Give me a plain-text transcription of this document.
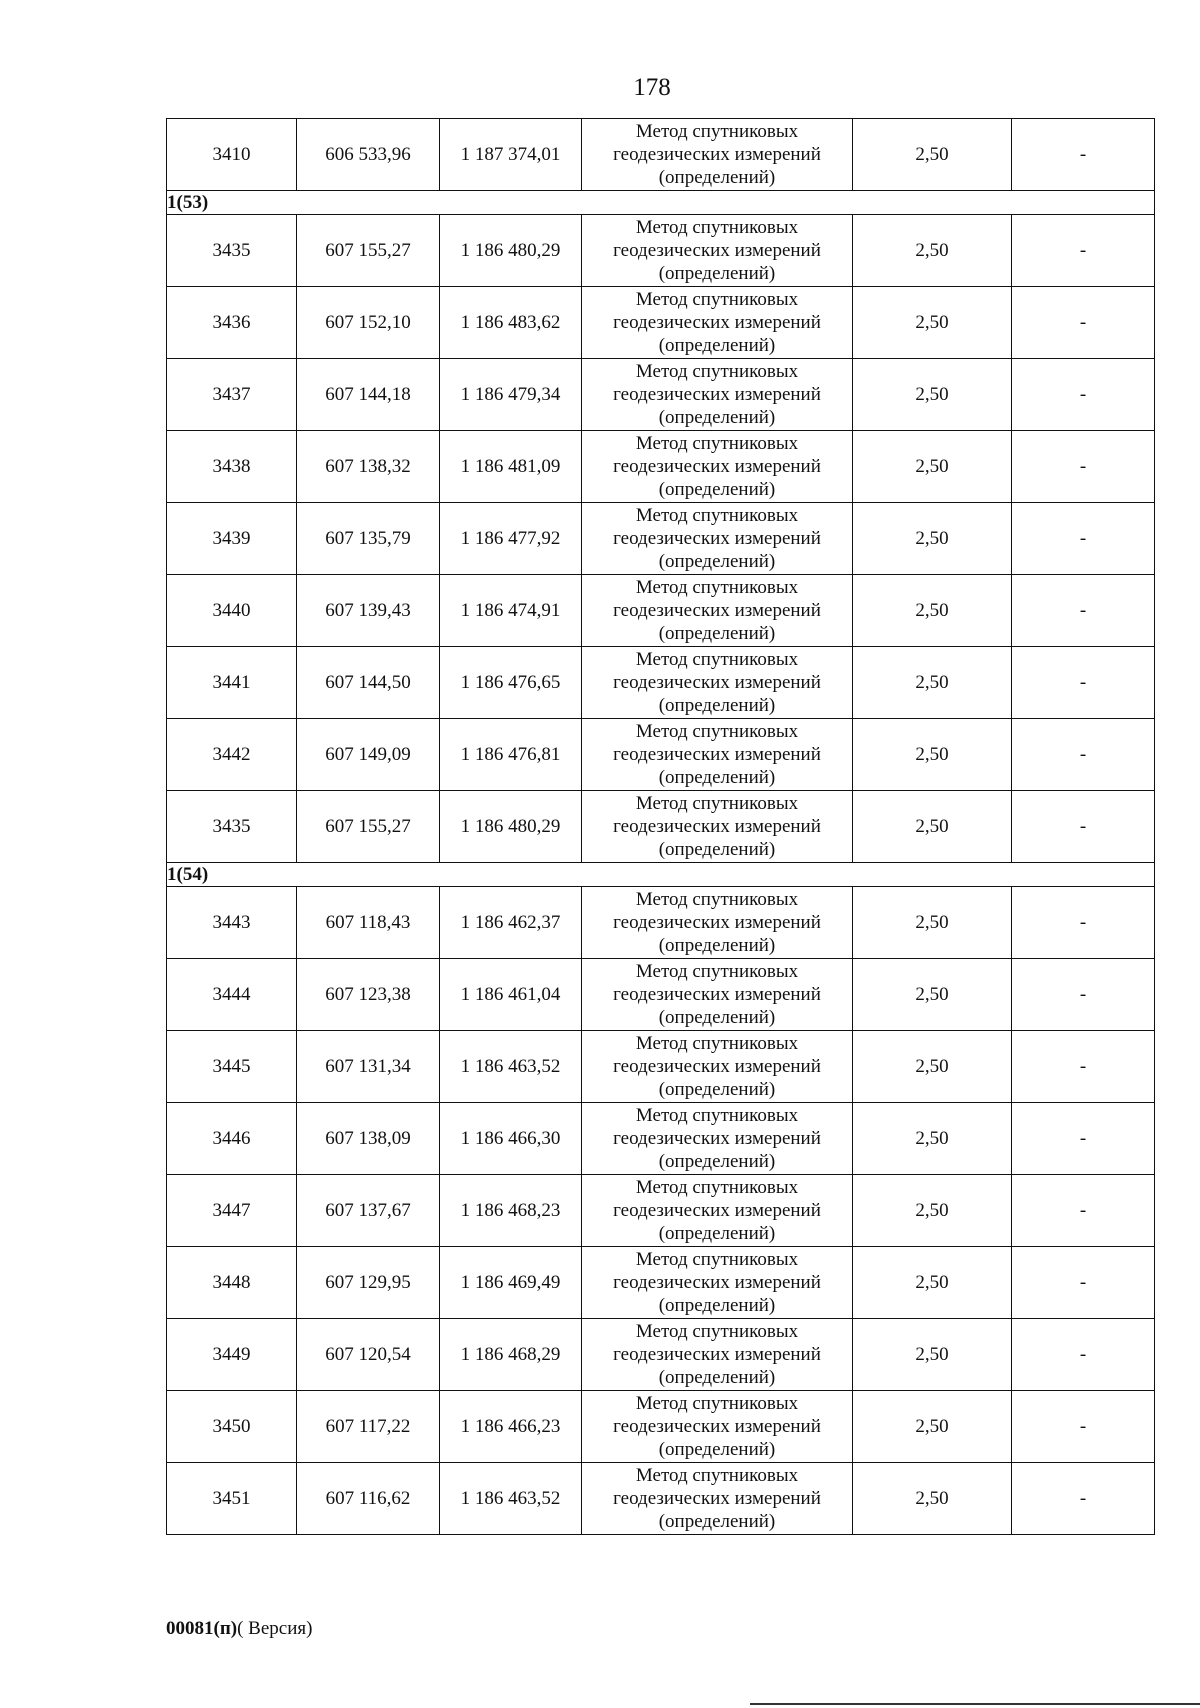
178
3410	606 533,96	1 187 374,01	Метод спутниковых
геодезических измерений
(определений)	2,50	-
1(53)					
3435	607 155,27	1 186 480,29	Метод спутниковых
геодезических измерений
(определений)	2,50	-
3436	607 152,10	1 186 483,62	Метод спутниковых
геодезических измерений
(определений)	2,50	-
3437	607 144,18	1 186 479,34	Метод спутниковых
геодезических измерений
(определений)	2,50	-
3438	607 138,32	1 186 481,09	Метод спутниковых
геодезических измерений
(определений)	2,50	-
3439	607 135,79	1 186 477,92	Метод спутниковых
геодезических измерений
(определений)	2,50	-
3440	607 139,43	1 186 474,91	Метод спутниковых
геодезических измерений
(определений)	2,50	-
3441	607 144,50	1 186 476,65	Метод спутниковых
геодезических измерений
(определений)	2,50	-
3442	607 149,09	1 186 476,81	Метод спутниковых
геодезических измерений
(определений)	2,50	-
3435	607 155,27	1 186 480,29	Метод спутниковых
геодезических измерений
(определений)	2,50	-
1(54)					
3443	607 118,43	1 186 462,37	Метод спутниковых
геодезических измерений
(определений)	2,50	-
3444	607 123,38	1 186 461,04	Метод спутниковых
геодезических измерений
(определений)	2,50	-
3445	607 131,34	1 186 463,52	Метод спутниковых
геодезических измерений
(определений)	2,50	-
3446	607 138,09	1 186 466,30	Метод спутниковых
геодезических измерений
(определений)	2,50	-
3447	607 137,67	1 186 468,23	Метод спутниковых
геодезических измерений
(определений)	2,50	-
3448	607 129,95	1 186 469,49	Метод спутниковых
геодезических измерений
(определений)	2,50	-
3449	607 120,54	1 186 468,29	Метод спутниковых
геодезических измерений
(определений)	2,50	-
3450	607 117,22	1 186 466,23	Метод спутниковых
геодезических измерений
(определений)	2,50	-
3451	607 116,62	1 186 463,52	Метод спутниковых
геодезических измерений
(определений)	2,50	-
00081(п)( Версия)
